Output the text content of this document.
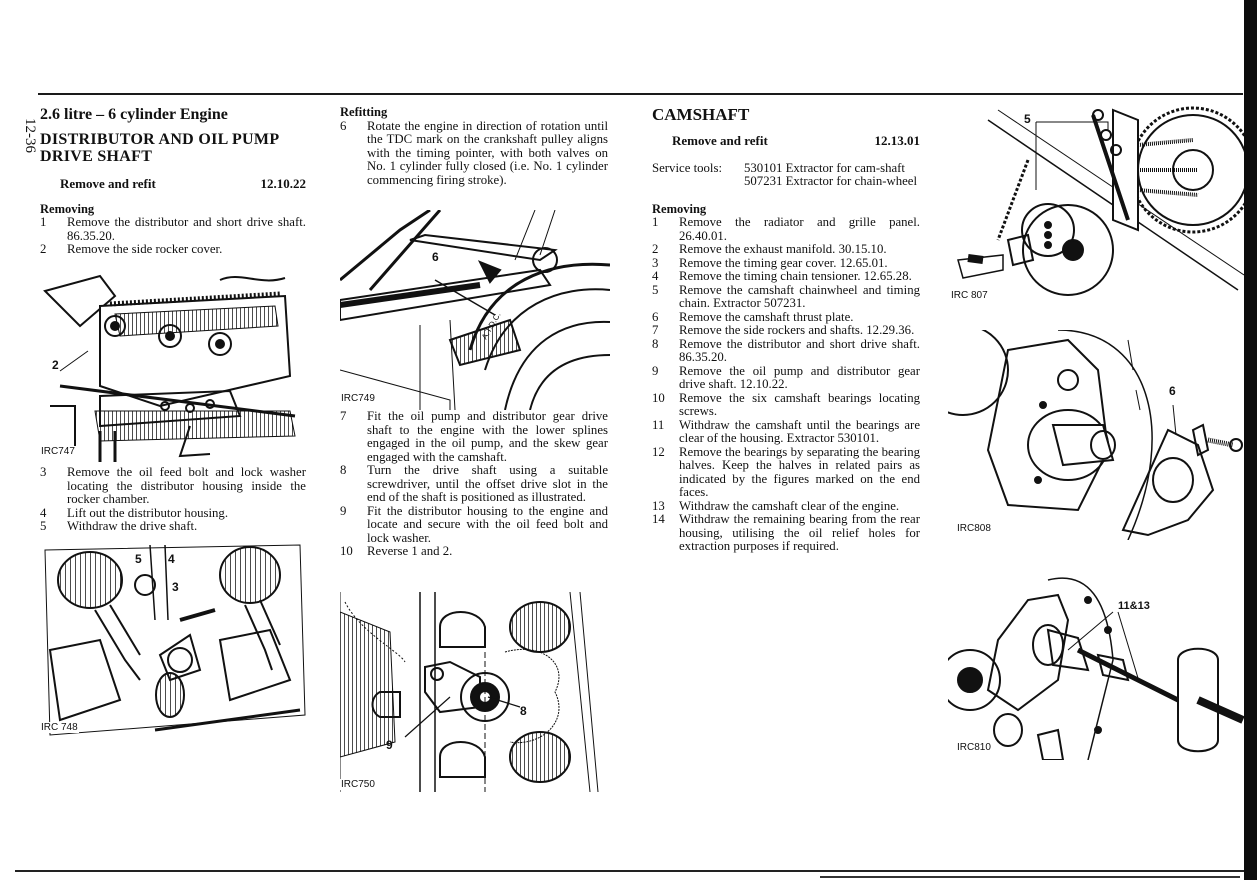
12-36
2.6 litre – 6 cylinder Engine
DISTRIBUTOR AND OIL PUMP
DRIVE SHAFT
Remove and refit	12.10.22
Removing
1	Remove the distributor and short drive shaft. 86.35.20.
2	Remove the side rocker cover.
3	Remove the oil feed bolt and lock washer locating the distributor housing inside the rocker chamber.
4	Lift out the distributor housing.
5	Withdraw the drive shaft.
2
IRC747
5 4
3
IRC 748
Refitting
6	Rotate the engine in direction of rotation until the TDC mark on the crankshaft pulley aligns with the timing pointer, with both valves on No. 1 cylinder fully closed (i.e. No. 1 cylinder commencing firing stroke).
A.T.D.C.
6
IRC749
7	Fit the oil pump and distributor gear drive shaft to the engine with the lower splines engaged in the oil pump, and the skew gear engaged with the camshaft.
8	Turn the drive shaft using a suitable screwdriver, until the offset drive slot in the end of the shaft is positioned as illustrated.
9	Fit the distributor housing to the engine and locate and secure with the oil feed bolt and lock washer.
10	Reverse 1 and 2.
9
8
IRC750
CAMSHAFT
Remove and refit	12.13.01
Service tools:	530101 Extractor for cam-shaft
507231 Extractor for chain-wheel
Removing
1	Remove the radiator and grille panel. 26.40.01.
2	Remove the exhaust manifold. 30.15.10.
3	Remove the timing gear cover. 12.65.01.
4	Remove the timing chain tensioner. 12.65.28.
5	Remove the camshaft chainwheel and timing chain. Extractor 507231.
6	Remove the camshaft thrust plate.
7	Remove the side rockers and shafts. 12.29.36.
8	Remove the distributor and short drive shaft. 86.35.20.
9	Remove the oil pump and distributor gear drive shaft. 12.10.22.
10	Remove the six camshaft bearings locating screws.
11	Withdraw the camshaft until the bearings are clear of the housing. Extractor 530101.
12	Remove the bearings by separating the bearing halves. Keep the halves in related pairs as indicated by the figures marked on the end faces.
13	Withdraw the camshaft clear of the engine.
14	Withdraw the remaining bearing from the rear housing, utilising the oil relief holes for extraction purposes if required.
5
IRC 807
6
IRC808
11&13
IRC810
